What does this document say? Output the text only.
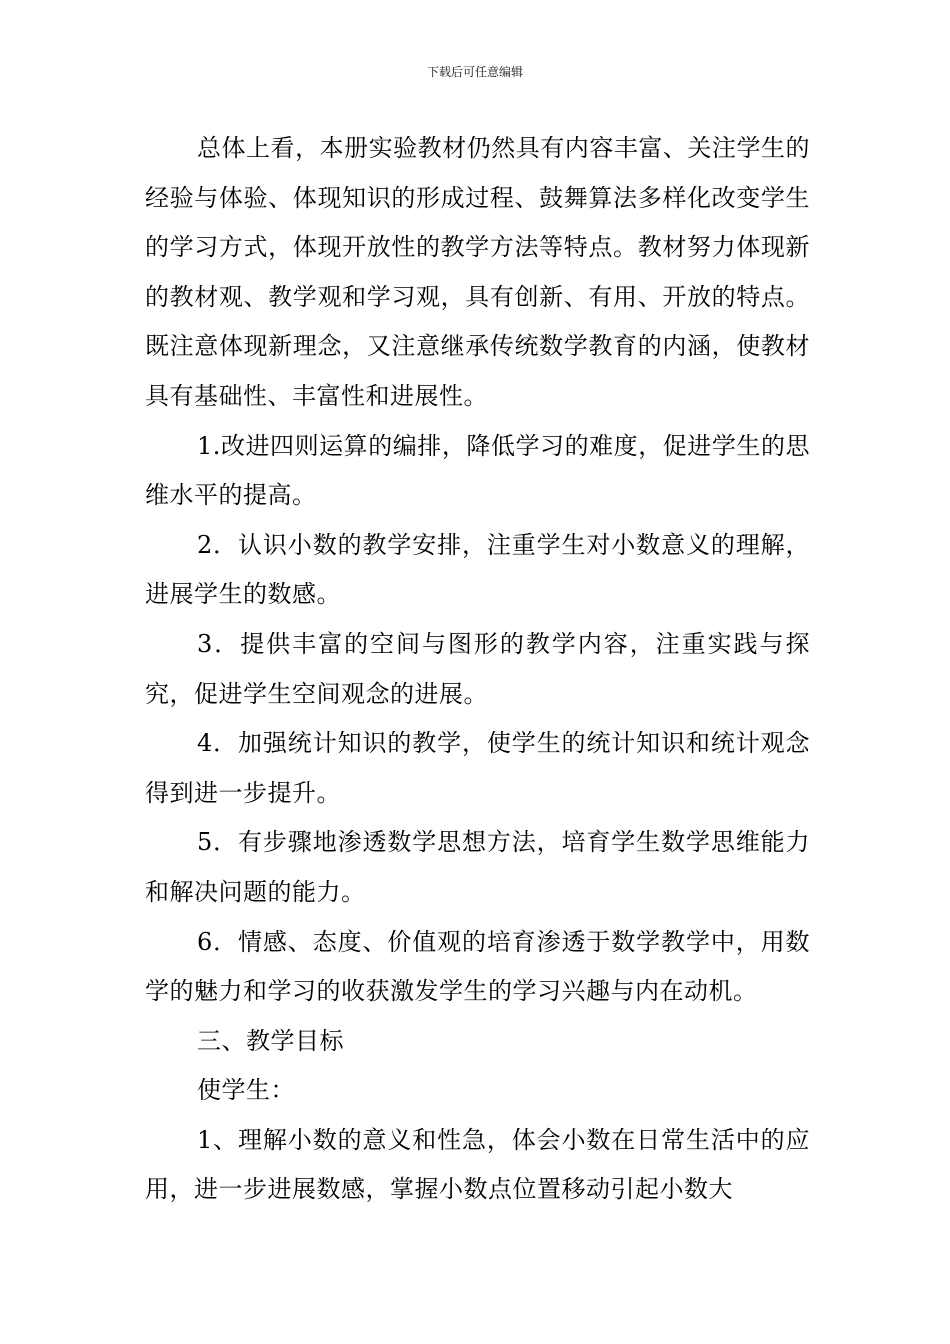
下载后可任意编辑

总体上看，本册实验教材仍然具有内容丰富、关注学生的经验与体验、体现知识的形成过程、鼓舞算法多样化改变学生的学习方式，体现开放性的教学方法等特点。教材努力体现新的教材观、教学观和学习观，具有创新、有用、开放的特点。既注意体现新理念，又注意继承传统数学教育的内涵，使教材具有基础性、丰富性和进展性。

1.改进四则运算的编排，降低学习的难度，促进学生的思维水平的提高。

2．认识小数的教学安排，注重学生对小数意义的理解，进展学生的数感。

3．提供丰富的空间与图形的教学内容，注重实践与探究，促进学生空间观念的进展。

4．加强统计知识的教学，使学生的统计知识和统计观念得到进一步提升。

5．有步骤地渗透数学思想方法，培育学生数学思维能力和解决问题的能力。

6．情感、态度、价值观的培育渗透于数学教学中，用数学的魅力和学习的收获激发学生的学习兴趣与内在动机。

三、教学目标

使学生：

1、理解小数的意义和性急，体会小数在日常生活中的应用，进一步进展数感，掌握小数点位置移动引起小数大
